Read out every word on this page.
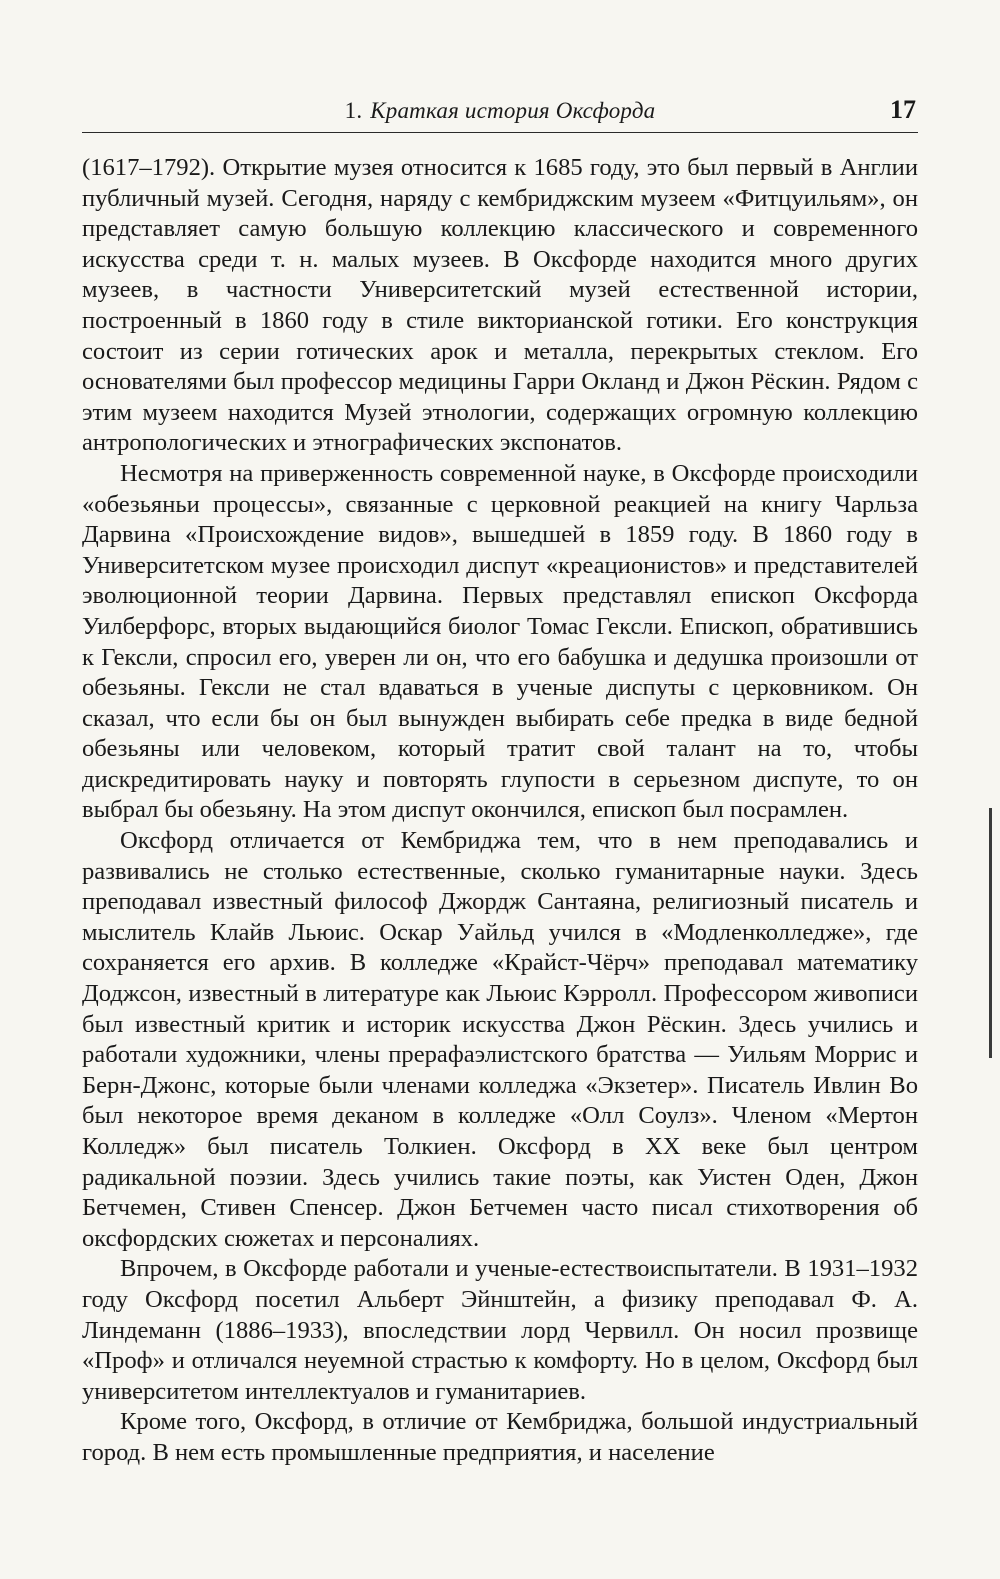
1. Краткая история Оксфорда	17

(1617–1792). Открытие музея относится к 1685 году, это был первый в Англии публичный музей. Сегодня, наряду с кембриджским музеем «Фитцуильям», он представляет самую большую коллекцию классического и современного искусства среди т. н. малых музеев. В Оксфорде находится много других музеев, в частности Университетский музей естественной истории, построенный в 1860 году в стиле викторианской готики. Его конструкция состоит из серии готических арок и металла, перекрытых стеклом. Его основателями был профессор медицины Гарри Окланд и Джон Рёскин. Рядом с этим музеем находится Музей этнологии, содержащих огромную коллекцию антропологических и этнографических экспонатов.

Несмотря на приверженность современной науке, в Оксфорде происходили «обезьяньи процессы», связанные с церковной реакцией на книгу Чарльза Дарвина «Происхождение видов», вышедшей в 1859 году. В 1860 году в Университетском музее происходил диспут «креационистов» и представителей эволюционной теории Дарвина. Первых представлял епископ Оксфорда Уилберфорс, вторых выдающийся биолог Томас Гексли. Епископ, обратившись к Гексли, спросил его, уверен ли он, что его бабушка и дедушка произошли от обезьяны. Гексли не стал вдаваться в ученые диспуты с церковником. Он сказал, что если бы он был вынужден выбирать себе предка в виде бедной обезьяны или человеком, который тратит свой талант на то, чтобы дискредитировать науку и повторять глупости в серьезном диспуте, то он выбрал бы обезьяну. На этом диспут окончился, епископ был посрамлен.

Оксфорд отличается от Кембриджа тем, что в нем преподавались и развивались не столько естественные, сколько гуманитарные науки. Здесь преподавал известный философ Джордж Сантаяна, религиозный писатель и мыслитель Клайв Льюис. Оскар Уайльд учился в «Модленколледже», где сохраняется его архив. В колледже «Крайст-Чёрч» преподавал математику Доджсон, известный в литературе как Льюис Кэрролл. Профессором живописи был известный критик и историк искусства Джон Рёскин. Здесь учились и работали художники, члены прерафаэлистского братства — Уильям Моррис и Берн-Джонс, которые были членами колледжа «Экзетер». Писатель Ивлин Во был некоторое время деканом в колледже «Олл Соулз». Членом «Мертон Колледж» был писатель Толкиен. Оксфорд в XX веке был центром радикальной поэзии. Здесь учились такие поэты, как Уистен Оден, Джон Бетчемен, Стивен Спенсер. Джон Бетчемен часто писал стихотворения об оксфордских сюжетах и персоналиях.

Впрочем, в Оксфорде работали и ученые-естествоиспытатели. В 1931–1932 году Оксфорд посетил Альберт Эйнштейн, а физику преподавал Ф. А. Линдеманн (1886–1933), впоследствии лорд Червилл. Он носил прозвище «Проф» и отличался неуемной страстью к комфорту. Но в целом, Оксфорд был университетом интеллектуалов и гуманитариев.

Кроме того, Оксфорд, в отличие от Кембриджа, большой индустриальный город. В нем есть промышленные предприятия, и население
